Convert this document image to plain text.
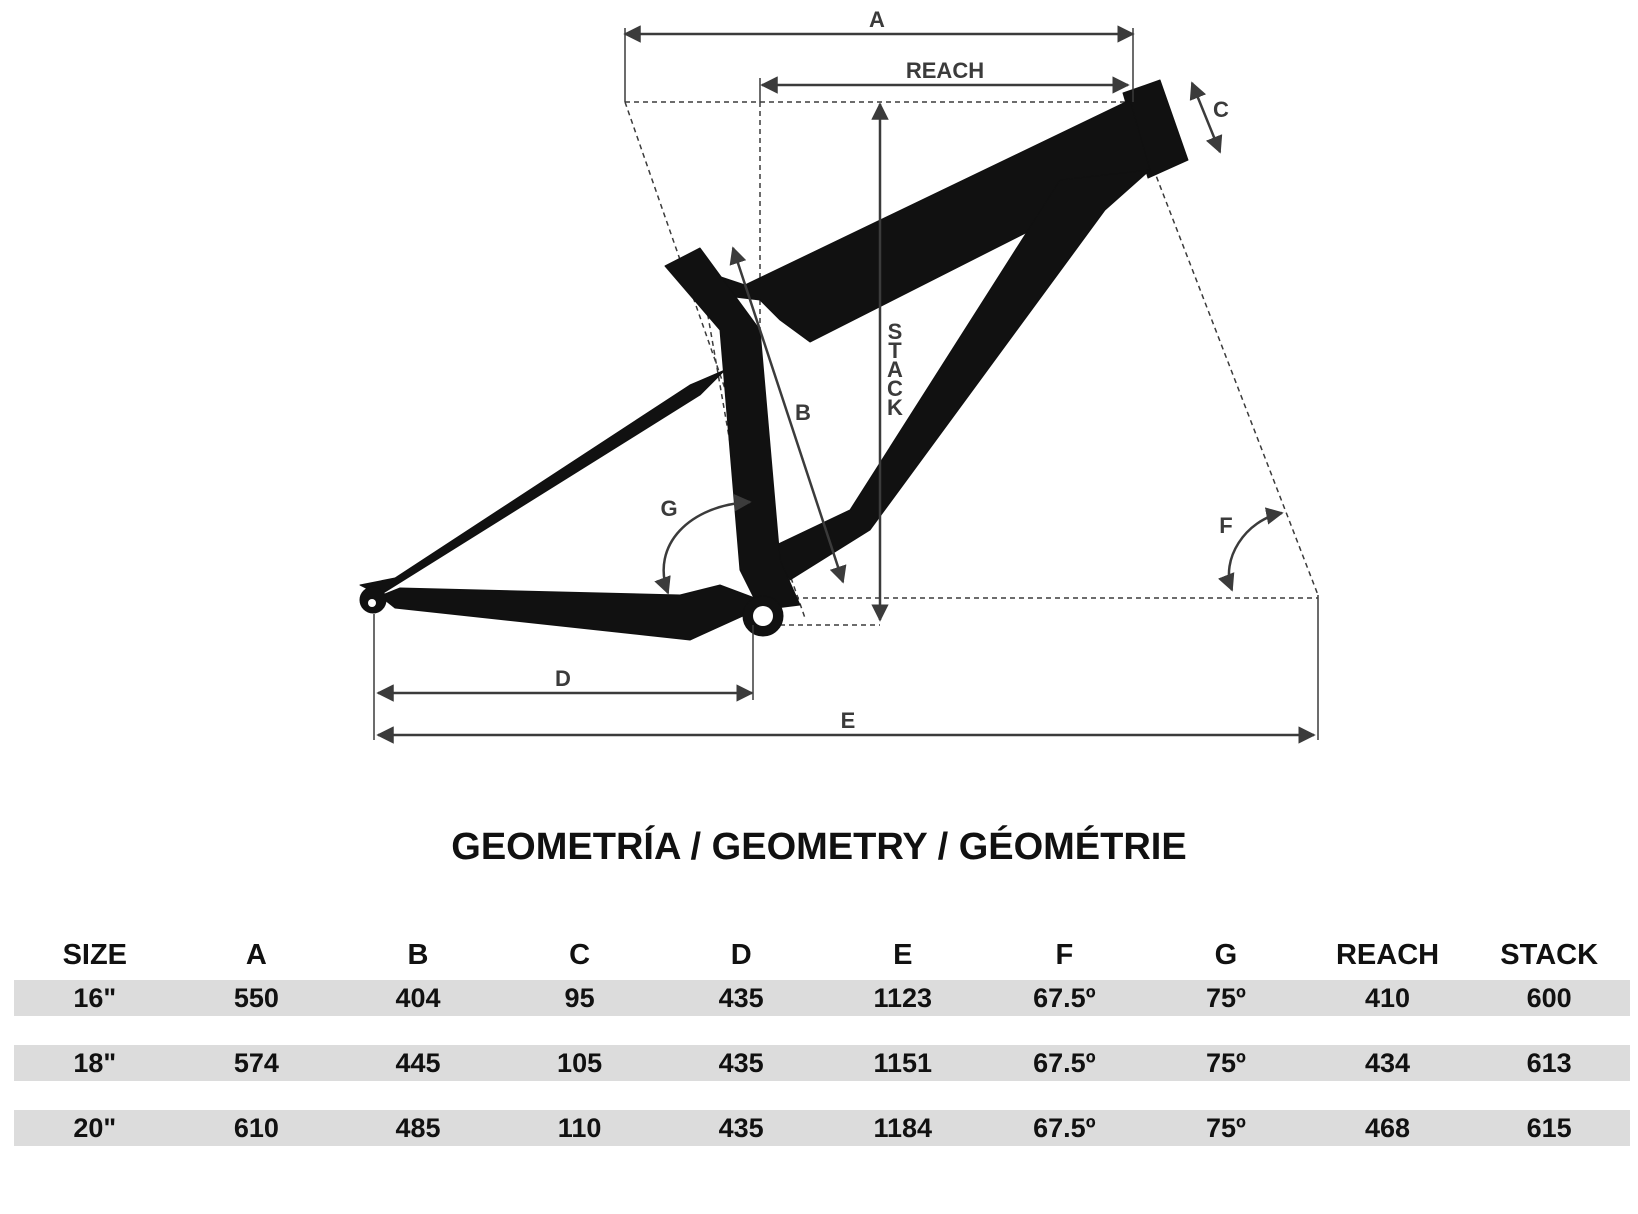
A
REACH
C
S
T
A
C
K
B
G
F
D
E
GEOMETRÍA / GEOMETRY / GÉOMÉTRIE
SIZE	A	B	C	D	E	F	G	REACH	STACK
16"	550	404	95	435	1123	67.5º	75º	410	600

18"	574	445	105	435	1151	67.5º	75º	434	613

20"	610	485	110	435	1184	67.5º	75º	468	615
